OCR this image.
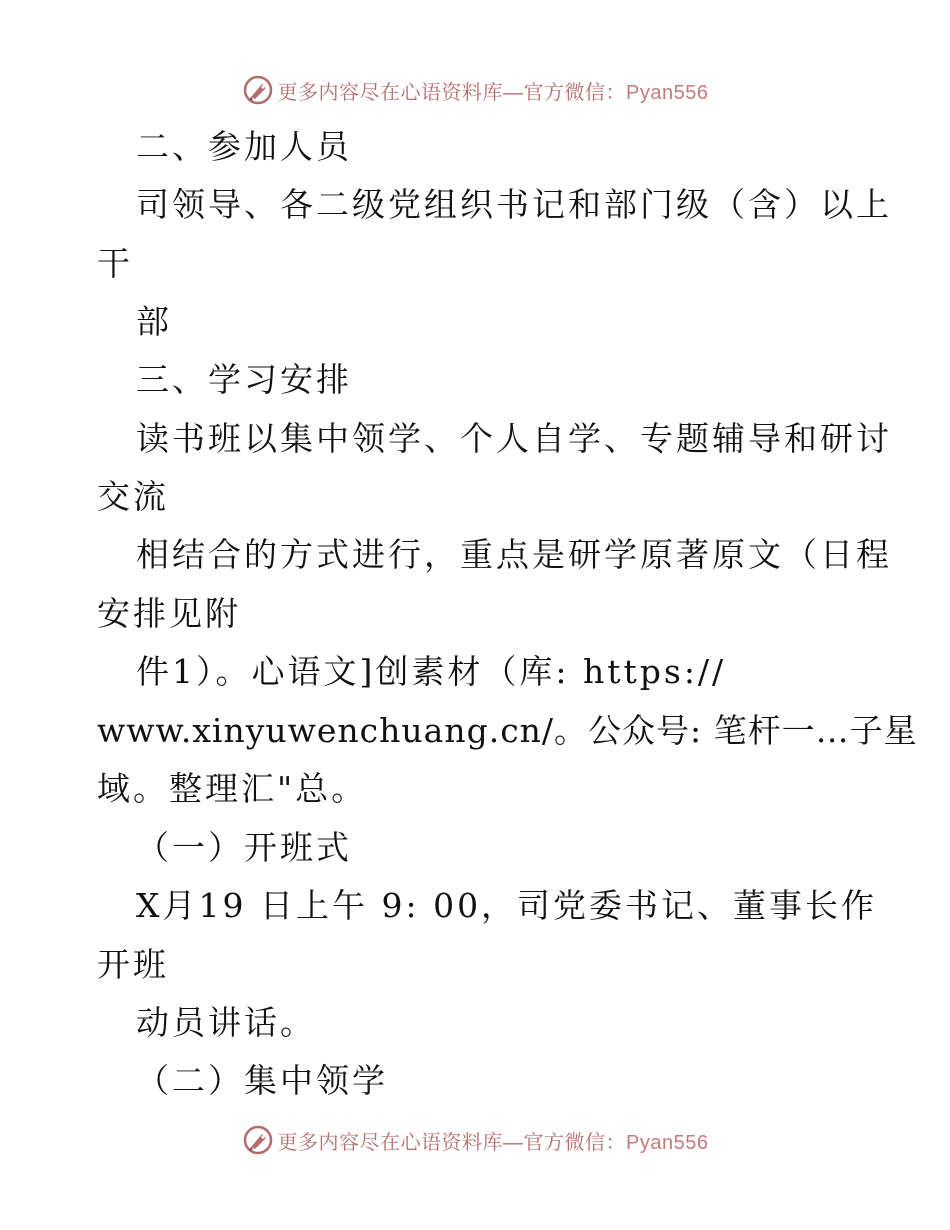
更多内容尽在心语资料库—官方微信：Pyan556
二、参加人员
司领导、各二级党组织书记和部门级（含）以上
干
部
三、学习安排
读书班以集中领学、个人自学、专题辅导和研讨
交流
相结合的方式进行，重点是研学原著原文（日程
安排见附
件1）。心语文]创素材（库: https://
www.xinyuwenchuang.cn/。公众号: 笔杆一…子星
域。整理汇"总。
（一）开班式
X月19 日上午 9: 00，司党委书记、董事长作
开班
动员讲话。
（二）集中领学
更多内容尽在心语资料库—官方微信：Pyan556
